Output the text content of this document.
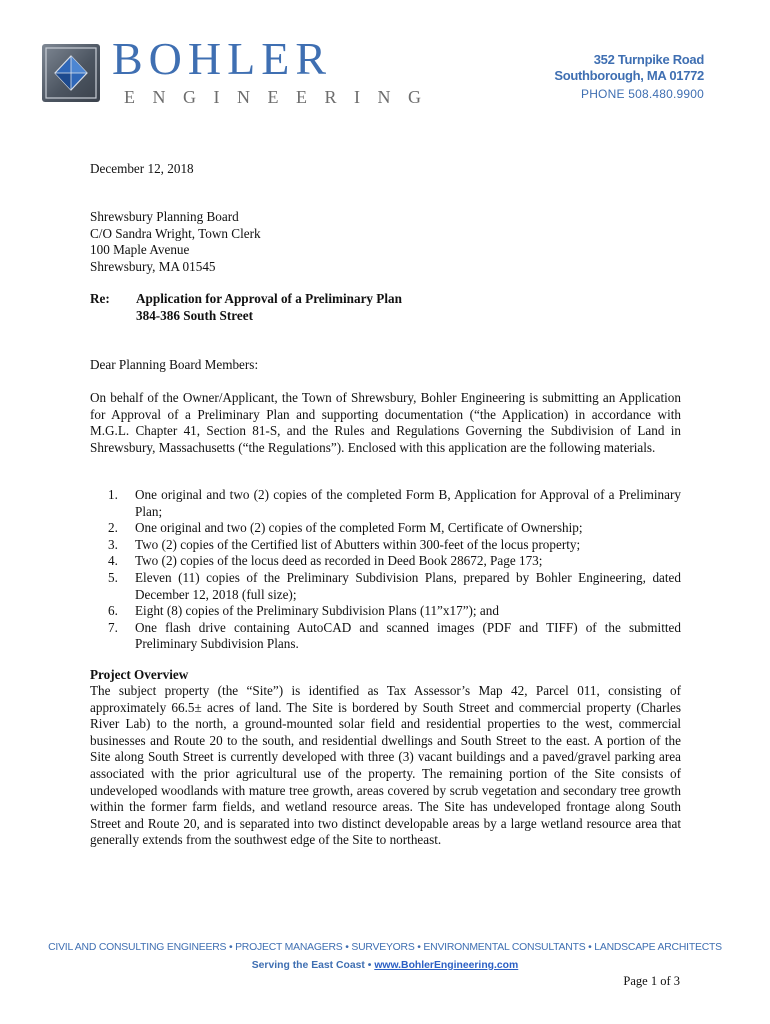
BOHLER
ENGINEERING
352 Turnpike Road
Southborough, MA 01772
PHONE 508.480.9900
December 12, 2018
Shrewsbury Planning Board
C/O Sandra Wright, Town Clerk
100 Maple Avenue
Shrewsbury, MA 01545
Re: Application for Approval of a Preliminary Plan
384-386 South Street
Dear Planning Board Members:
On behalf of the Owner/Applicant, the Town of Shrewsbury, Bohler Engineering is submitting an Application for Approval of a Preliminary Plan and supporting documentation (“the Application) in accordance with M.G.L. Chapter 41, Section 81-S, and the Rules and Regulations Governing the Subdivision of Land in Shrewsbury, Massachusetts (“the Regulations”). Enclosed with this application are the following materials.
1.	One original and two (2) copies of the completed Form B, Application for Approval of a Preliminary Plan;
2.	One original and two (2) copies of the completed Form M, Certificate of Ownership;
3.	Two (2) copies of the Certified list of Abutters within 300-feet of the locus property;
4.	Two (2) copies of the locus deed as recorded in Deed Book 28672, Page 173;
5.	Eleven (11) copies of the Preliminary Subdivision Plans, prepared by Bohler Engineering, dated December 12, 2018 (full size);
6.	Eight (8) copies of the Preliminary Subdivision Plans (11”x17”); and
7.	One flash drive containing AutoCAD and scanned images (PDF and TIFF) of the submitted Preliminary Subdivision Plans.
Project Overview
The subject property (the “Site”) is identified as Tax Assessor’s Map 42, Parcel 011, consisting of approximately 66.5± acres of land. The Site is bordered by South Street and commercial property (Charles River Lab) to the north, a ground-mounted solar field and residential properties to the west, commercial businesses and Route 20 to the south, and residential dwellings and South Street to the east. A portion of the Site along South Street is currently developed with three (3) vacant buildings and a paved/gravel parking area associated with the prior agricultural use of the property. The remaining portion of the Site consists of undeveloped woodlands with mature tree growth, areas covered by scrub vegetation and secondary tree growth within the former farm fields, and wetland resource areas. The Site has undeveloped frontage along South Street and Route 20, and is separated into two distinct developable areas by a large wetland resource area that generally extends from the southwest edge of the Site to northeast.
CIVIL AND CONSULTING ENGINEERS • PROJECT MANAGERS • SURVEYORS • ENVIRONMENTAL CONSULTANTS • LANDSCAPE ARCHITECTS
Serving the East Coast • www.BohlerEngineering.com
Page 1 of 3
